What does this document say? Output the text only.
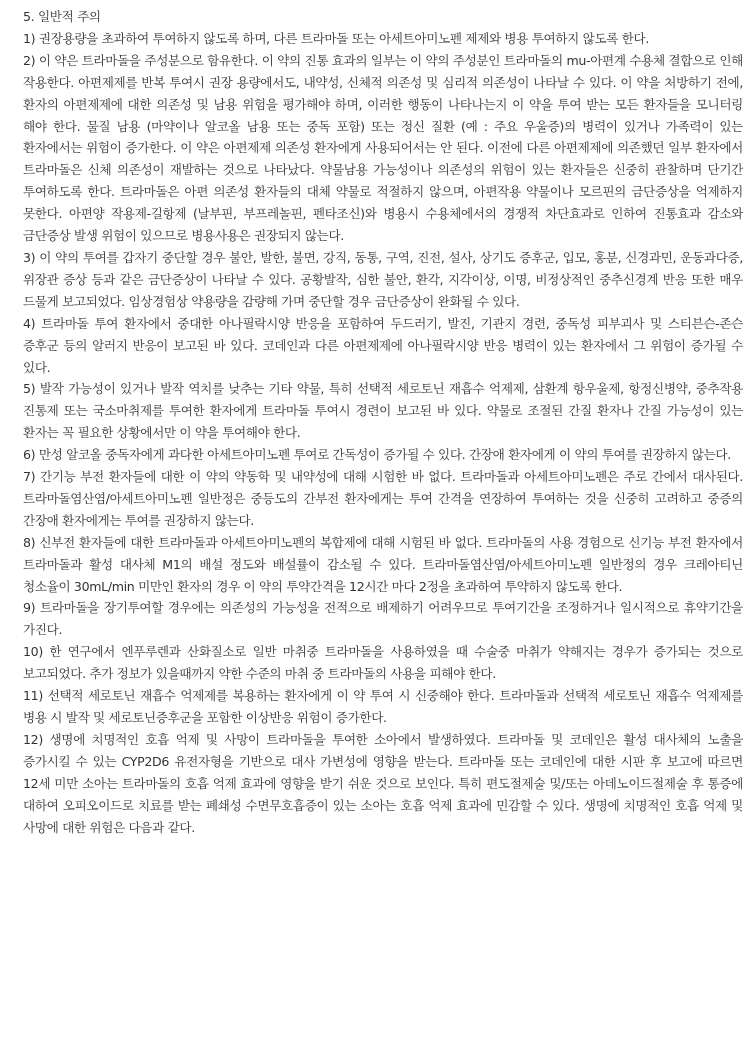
5. 일반적 주의

1) 권장용량을 초과하여 투여하지 않도록 하며, 다른 트라마돌 또는 아세트아미노펜 제제와 병용 투여하지 않도록 한다.

2) 이 약은 트라마돌을 주성분으로 함유한다. 이 약의 진통 효과의 일부는 이 약의 주성분인 트라마돌의 mu-아편계 수용체 결합으로 인해 작용한다. 아편제제를 반복 투여시 권장 용량에서도, 내약성, 신체적 의존성 및 심리적 의존성이 나타날 수 있다. 이 약을 처방하기 전에, 환자의 아편제제에 대한 의존성 및 남용 위험을 평가해야 하며, 이러한 행동이 나타나는지 이 약을 투여 받는 모든 환자들을 모니터링 해야 한다. 물질 남용 (마약이나 알코올 남용 또는 중독 포함) 또는 정신 질환 (예 : 주요 우울증)의 병력이 있거나 가족력이 있는 환자에서는 위험이 증가한다. 이 약은 아편제제 의존성 환자에게 사용되어서는 안 된다. 이전에 다른 아편제제에 의존했던 일부 환자에서 트라마돌은 신체 의존성이 재발하는 것으로 나타났다. 약물남용 가능성이나 의존성의 위험이 있는 환자들은 신중히 관찰하며 단기간 투여하도록 한다. 트라마돌은 아편 의존성 환자들의 대체 약물로 적절하지 않으며, 아편작용 약물이나 모르핀의 금단증상을 억제하지 못한다. 아편양 작용제-길항제 (날부핀, 부프레놀핀, 펜타조신)와 병용시 수용체에서의 경쟁적 차단효과로 인하여 진통효과 감소와 금단증상 발생 위험이 있으므로 병용사용은 권장되지 않는다.

3) 이 약의 투여를 갑자기 중단할 경우 불안, 발한, 불면, 강직, 동통, 구역, 진전, 설사, 상기도 증후군, 입모, 홍분, 신경과민, 운동과다증, 위장관 증상 등과 같은 금단증상이 나타날 수 있다. 공황발작, 심한 불안, 환각, 지각이상, 이명, 비정상적인 중추신경계 반응 또한 매우 드물게 보고되었다. 임상경험상 약용량을 감량해 가며 중단할 경우 금단증상이 완화될 수 있다.

4) 트라마돌 투여 환자에서 중대한 아나필락시양 반응을 포함하여 두드러기, 발진, 기관지 경련, 중독성 피부괴사 및 스티븐슨-존슨 증후군 등의 알러지 반응이 보고된 바 있다. 코데인과 다른 아편제제에 아나필락시양 반응 병력이 있는 환자에서 그 위험이 증가될 수 있다.

5) 발작 가능성이 있거나 발작 역치를 낮추는 기타 약물, 특히 선택적 세로토닌 재흡수 억제제, 삼환계 항우울제, 항정신병약, 중추작용 진통제 또는 국소마취제를 투여한 환자에게 트라마돌 투여시 경련이 보고된 바 있다. 약물로 조절된 간질 환자나 간질 가능성이 있는 환자는 꼭 필요한 상황에서만 이 약을 투여해야 한다.

6) 만성 알코올 중독자에게 과다한 아세트아미노펜 투여로 간독성이 증가될 수 있다. 간장애 환자에게 이 약의 투여를 권장하지 않는다.

7) 간기능 부전 환자들에 대한 이 약의 약동학 및 내약성에 대해 시험한 바 없다. 트라마돌과 아세트아미노펜은 주로 간에서 대사된다. 트라마돌염산염/아세트아미노펜 일반정은 중등도의 간부전 환자에게는 투여 간격을 연장하여 투여하는 것을 신중히 고려하고 중증의 간장애 환자에게는 투여를 권장하지 않는다.

8) 신부전 환자들에 대한 트라마돌과 아세트아미노펜의 복합제에 대해 시험된 바 없다. 트라마돌의 사용 경험으로 신기능 부전 환자에서 트라마돌과 활성 대사체 M1의 배설 정도와 배설률이 감소될 수 있다. 트라마돌염산염/아세트아미노펜 일반정의 경우 크레아티닌 청소율이 30mL/min 미만인 환자의 경우 이 약의 투약간격을 12시간 마다 2정을 초과하여 투약하지 않도록 한다.

9) 트라마돌을 장기투여할 경우에는 의존성의 가능성을 전적으로 배제하기 어려우므로 투여기간을 조정하거나 일시적으로 휴약기간을 가진다.

10) 한 연구에서 엔푸루렌과 산화질소로 일반 마취중 트라마돌을 사용하였을 때 수술중 마취가 약해지는 경우가 증가되는 것으로 보고되었다. 추가 정보가 있을때까지 약한 수준의 마취 중 트라마돌의 사용을 피해야 한다.

11) 선택적 세로토닌 재흡수 억제제를 복용하는 환자에게 이 약 투여 시 신중해야 한다. 트라마돌과 선택적 세로토닌 재흡수 억제제를 병용 시 발작 및 세로토닌증후군을 포함한 이상반응 위험이 증가한다.

12) 생명에 치명적인 호흡 억제 및 사망이 트라마돌을 투여한 소아에서 발생하였다. 트라마돌 및 코데인은 활성 대사체의 노출을 증가시킬 수 있는 CYP2D6 유전자형을 기반으로 대사 가변성에 영향을 받는다. 트라마돌 또는 코데인에 대한 시판 후 보고에 따르면 12세 미만 소아는 트라마돌의 호흡 억제 효과에 영향을 받기 쉬운 것으로 보인다. 특히 편도절제술 및/또는 아데노이드절제술 후 통증에 대하여 오피오이드로 치료를 받는 폐쇄성 수면무호흡증이 있는 소아는 호흡 억제 효과에 민감할 수 있다. 생명에 치명적인 호흡 억제 및 사망에 대한 위험은 다음과 같다.
